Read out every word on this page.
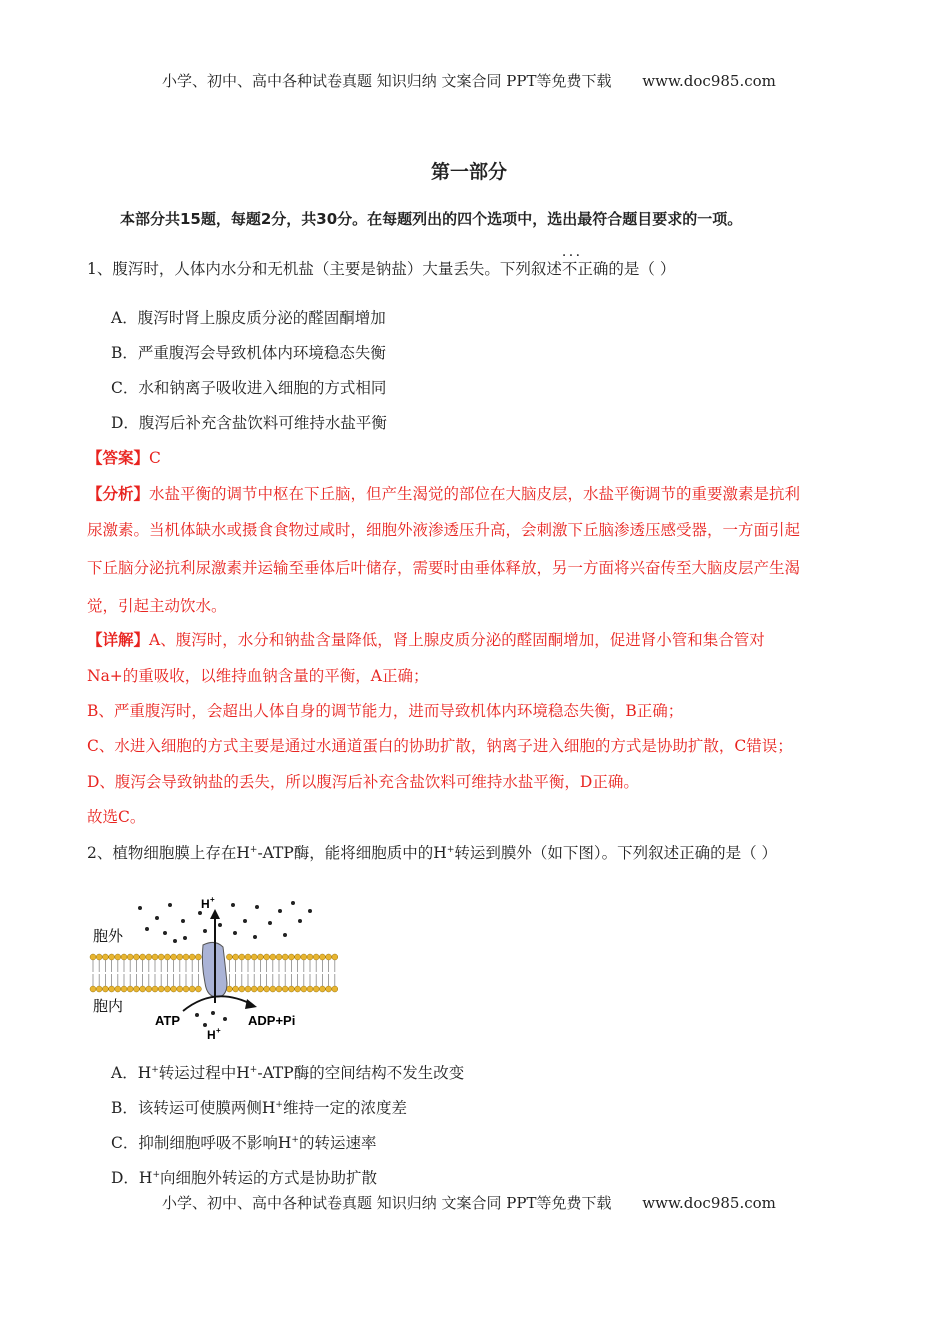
小学、初中、高中各种试卷真题 知识归纳 文案合同 PPT等免费下载 www.doc985.com
第一部分
本部分共15题，每题2分，共30分。在每题列出的四个选项中，选出最符合题目要求的一项。
1、腹泻时，人体内水分和无机盐（主要是钠盐）大量丢失。下列叙述· · · 不正确的是（ ）
A．腹泻时肾上腺皮质分泌的醛固酮增加
B．严重腹泻会导致机体内环境稳态失衡
C．水和钠离子吸收进入细胞的方式相同
D．腹泻后补充含盐饮料可维持水盐平衡
【答案】C
【分析】水盐平衡的调节中枢在下丘脑，但产生渴觉的部位在大脑皮层，水盐平衡调节的重要激素是抗利
尿激素。当机体缺水或摄食食物过咸时，细胞外液渗透压升高，会刺激下丘脑渗透压感受器，一方面引起
下丘脑分泌抗利尿激素并运输至垂体后叶储存，需要时由垂体释放，另一方面将兴奋传至大脑皮层产生渴
觉，引起主动饮水。
【详解】A、腹泻时，水分和钠盐含量降低，肾上腺皮质分泌的醛固酮增加，促进肾小管和集合管对
Na+的重吸收，以维持血钠含量的平衡，A正确；
B、严重腹泻时，会超出人体自身的调节能力，进而导致机体内环境稳态失衡，B正确；
C、水进入细胞的方式主要是通过水通道蛋白的协助扩散，钠离子进入细胞的方式是协助扩散，C错误；
D、腹泻会导致钠盐的丢失，所以腹泻后补充含盐饮料可维持水盐平衡，D正确。
故选C。
2、植物细胞膜上存在H+-ATP酶，能将细胞质中的H+转运到膜外（如下图）。下列叙述正确的是（ ）
H +
胞外
胞内
ATP	ADP+Pi
H +
A．H+转运过程中H+-ATP酶的空间结构不发生改变
B．该转运可使膜两侧H+维持一定的浓度差
C．抑制细胞呼吸不影响H+的转运速率
D．H+向细胞外转运的方式是协助扩散
小学、初中、高中各种试卷真题 知识归纳 文案合同 PPT等免费下载 www.doc985.com
